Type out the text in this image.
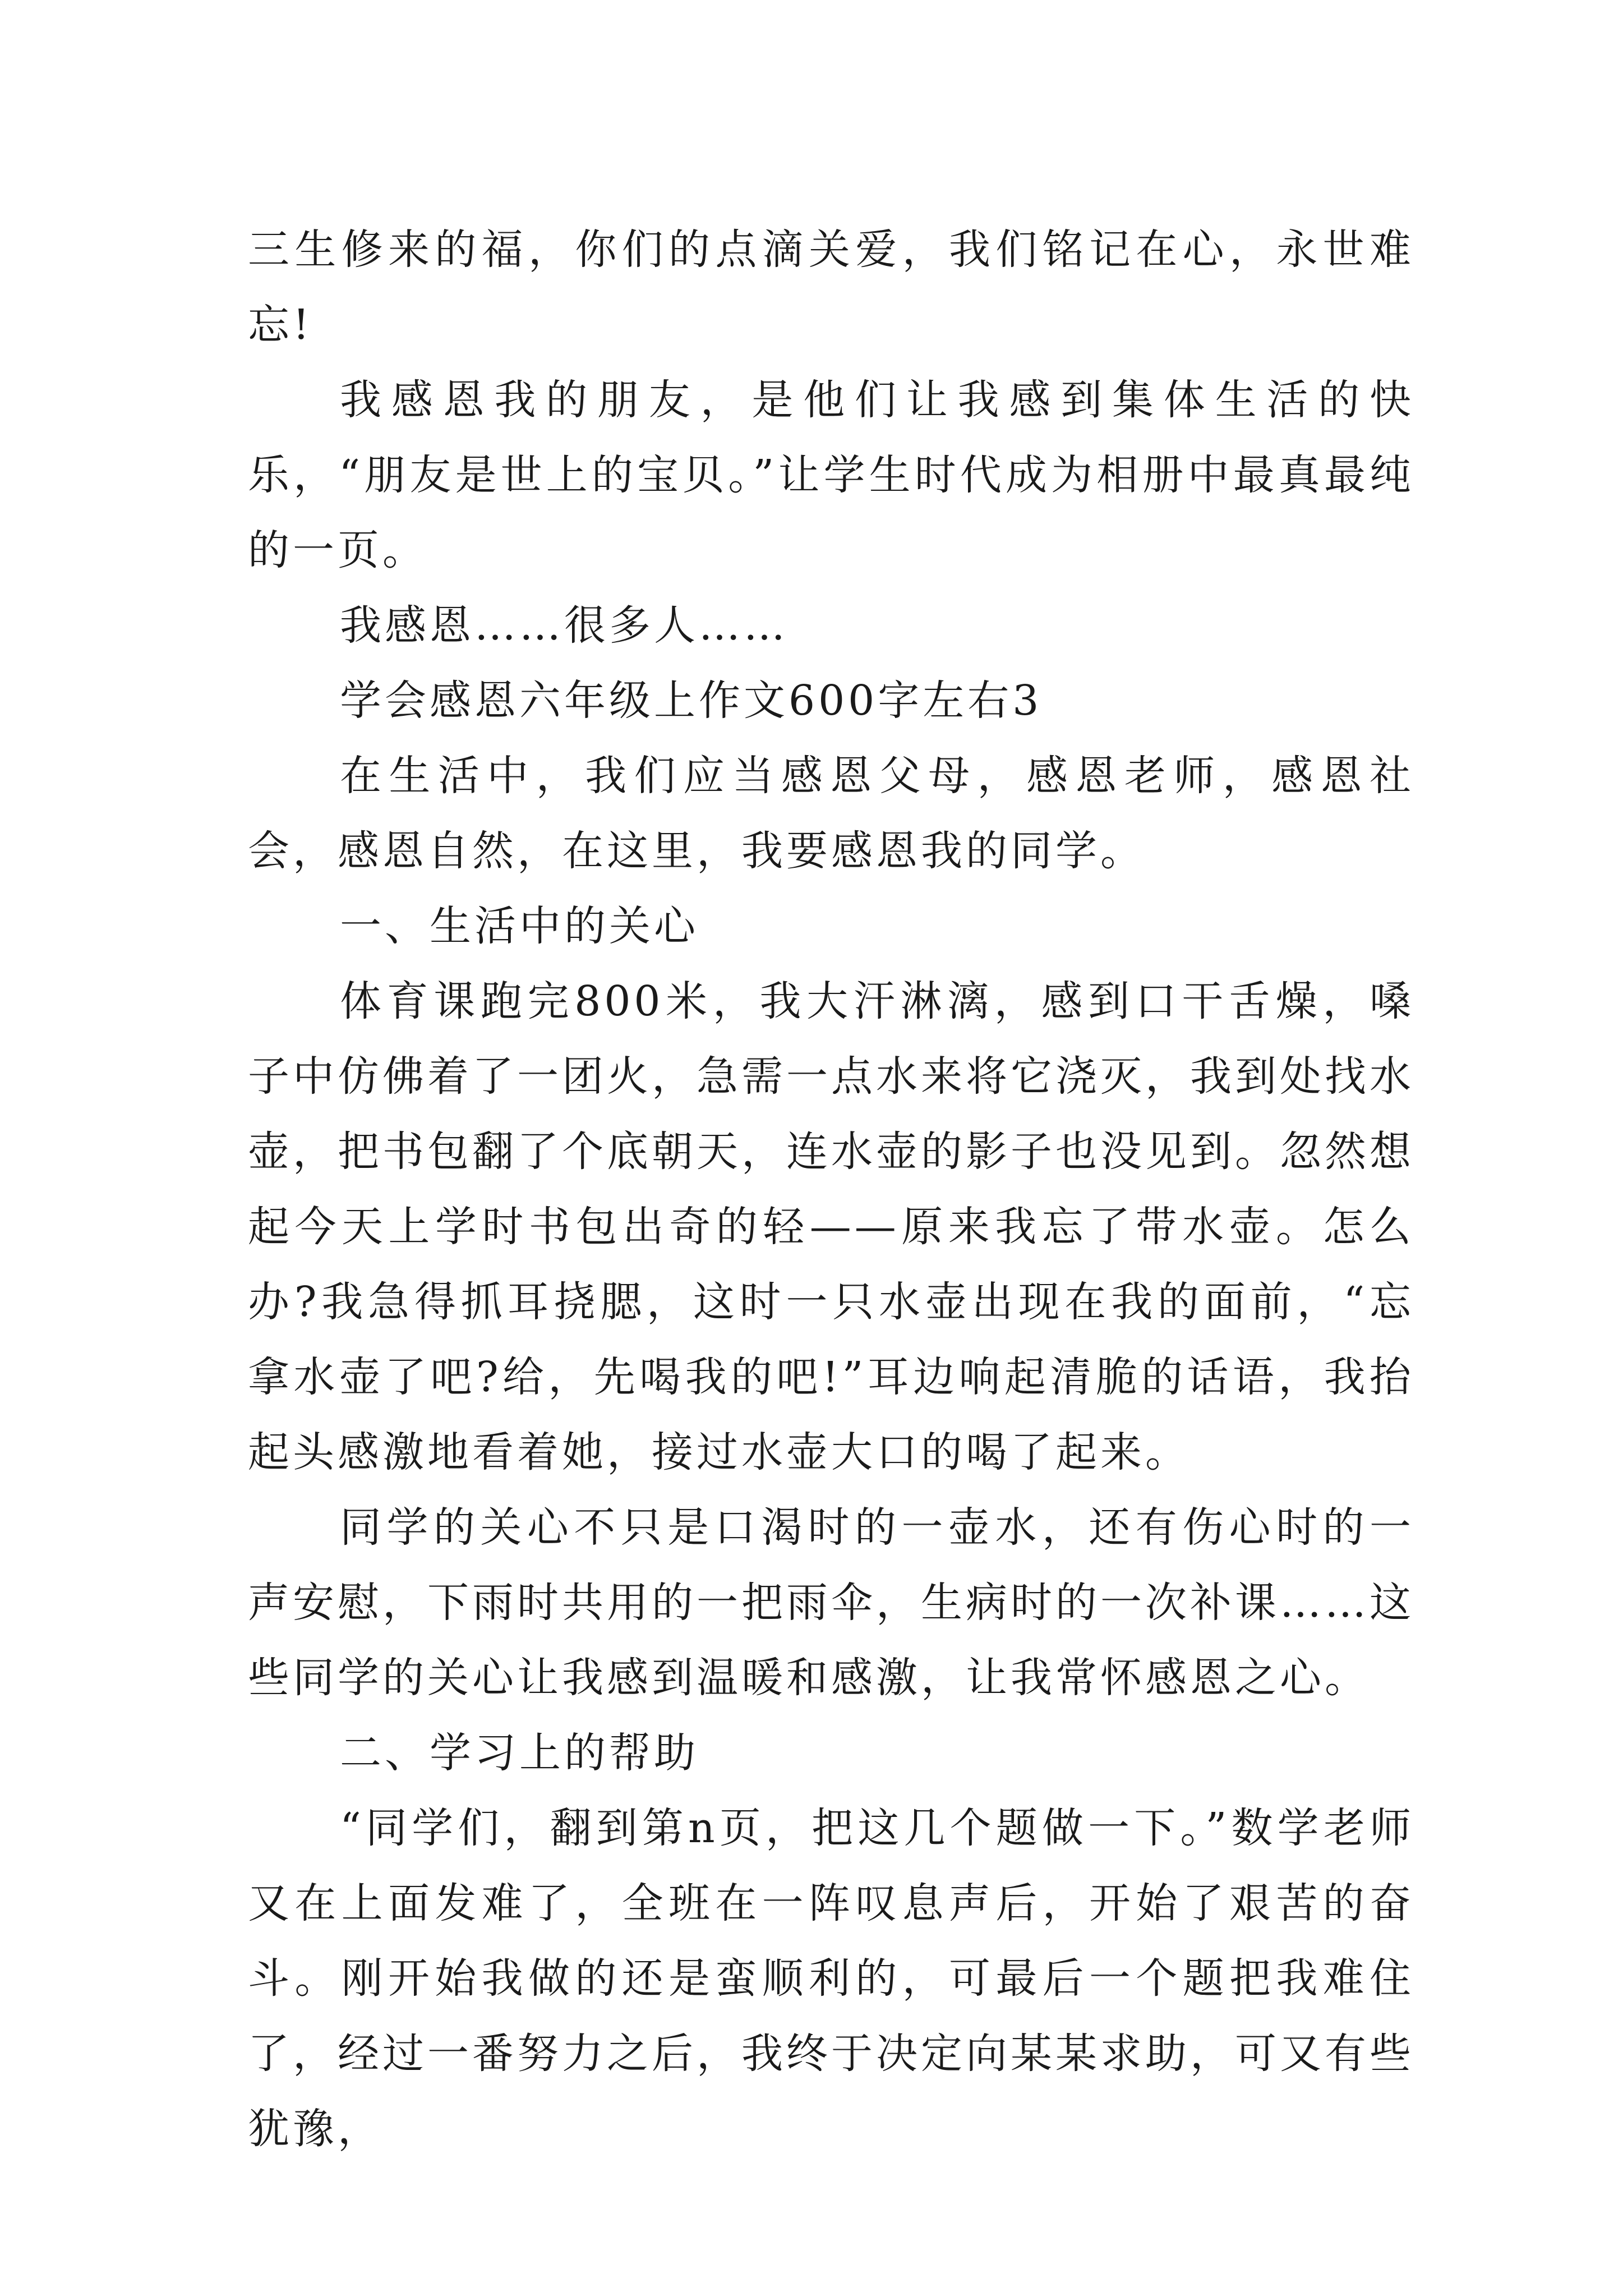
三生修来的福，你们的点滴关爱，我们铭记在心，永世难忘!

我感恩我的朋友，是他们让我感到集体生活的快乐，“朋友是世上的宝贝。”让学生时代成为相册中最真最纯的一页。

我感恩……很多人……

学会感恩六年级上作文600字左右3

在生活中，我们应当感恩父母，感恩老师，感恩社会，感恩自然，在这里，我要感恩我的同学。

一、生活中的关心

体育课跑完800米，我大汗淋漓，感到口干舌燥，嗓子中仿佛着了一团火，急需一点水来将它浇灭，我到处找水壶，把书包翻了个底朝天，连水壶的影子也没见到。忽然想起今天上学时书包出奇的轻——原来我忘了带水壶。怎么办?我急得抓耳挠腮，这时一只水壶出现在我的面前，“忘拿水壶了吧?给，先喝我的吧!”耳边响起清脆的话语，我抬起头感激地看着她，接过水壶大口的喝了起来。

同学的关心不只是口渴时的一壶水，还有伤心时的一声安慰，下雨时共用的一把雨伞，生病时的一次补课……这些同学的关心让我感到温暖和感激，让我常怀感恩之心。

二、学习上的帮助

“同学们，翻到第n页，把这几个题做一下。”数学老师又在上面发难了，全班在一阵叹息声后，开始了艰苦的奋斗。刚开始我做的还是蛮顺利的，可最后一个题把我难住了，经过一番努力之后，我终于决定向某某求助，可又有些犹豫，
